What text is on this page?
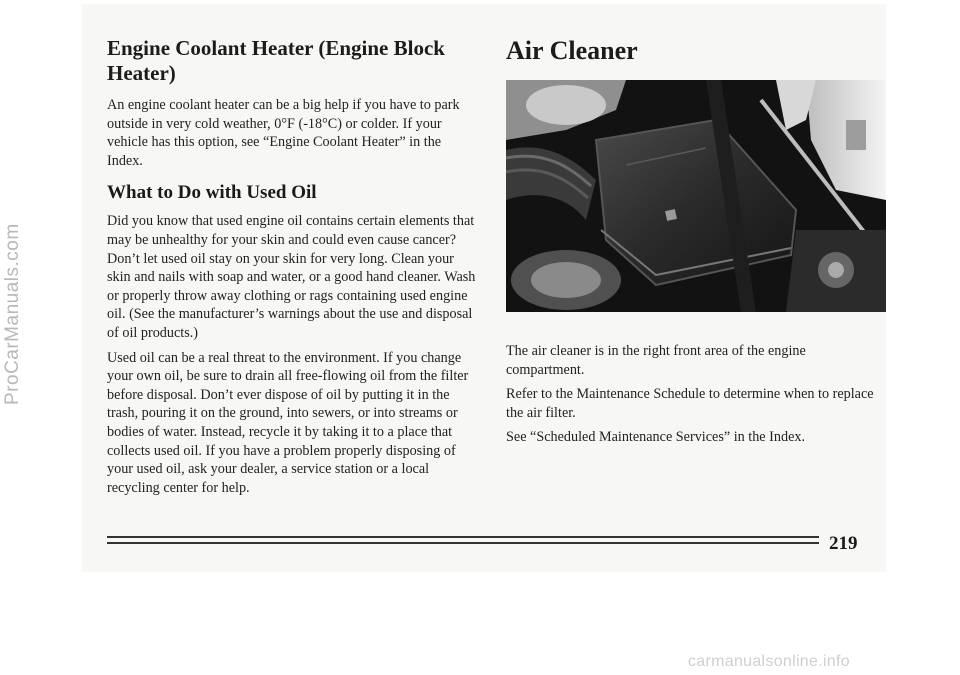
ProCarManuals.com
Engine Coolant Heater (Engine Block Heater)

An engine coolant heater can be a big help if you have to park outside in very cold weather, 0°F (-18°C) or colder. If your vehicle has this option, see “Engine Coolant Heater” in the Index.

What to Do with Used Oil

Did you know that used engine oil contains certain elements that may be unhealthy for your skin and could even cause cancer? Don’t let used oil stay on your skin for very long. Clean your skin and nails with soap and water, or a good hand cleaner. Wash or properly throw away clothing or rags containing used engine oil. (See the manufacturer’s warnings about the use and disposal of oil products.)

Used oil can be a real threat to the environment. If you change your own oil, be sure to drain all free-flowing oil from the filter before disposal. Don’t ever dispose of oil by putting it in the trash, pouring it on the ground, into sewers, or into streams or bodies of water. Instead, recycle it by taking it to a place that collects used oil. If you have a problem properly disposing of your used oil, ask your dealer, a service station or a local recycling center for help.

Air Cleaner

The air cleaner is in the right front area of the engine compartment.

Refer to the Maintenance Schedule to determine when to replace the air filter.

See “Scheduled Maintenance Services” in the Index.

219
carmanualsonline.info
